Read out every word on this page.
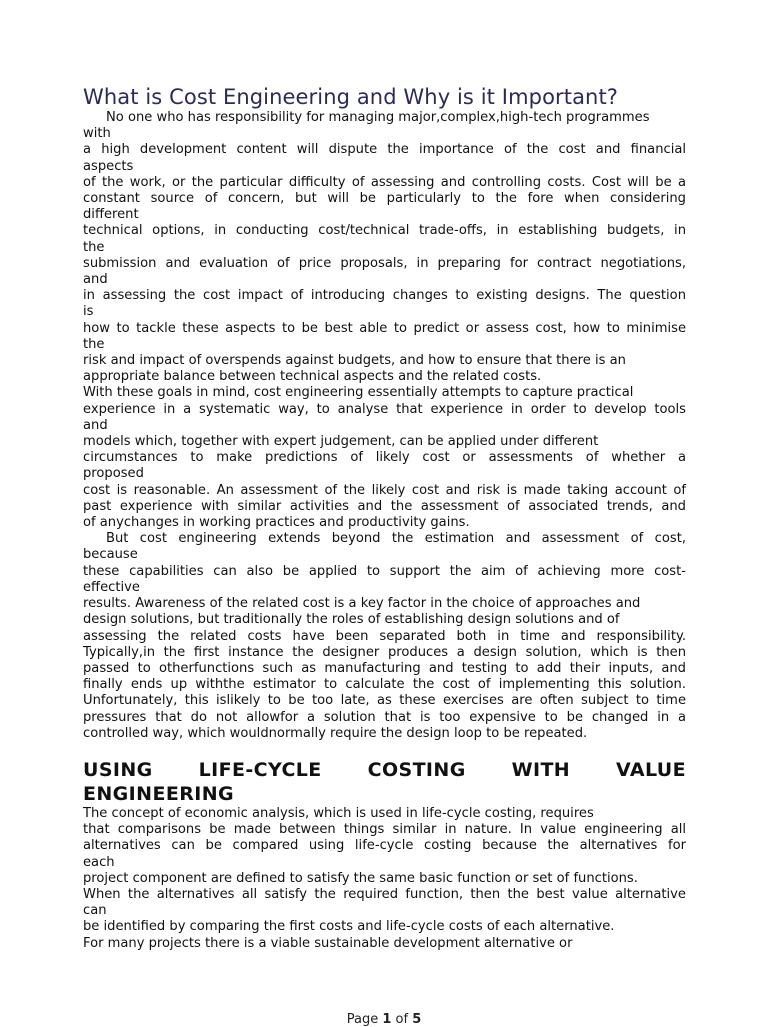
What is Cost Engineering and Why is it Important?
No one who has responsibility for managing major,complex,high-tech programmes
with
a high development content will dispute the importance of the cost and financial
aspects
of the work, or the particular difficulty of assessing and controlling costs. Cost will be a
constant source of concern, but will be particularly to the fore when considering
different
technical options, in conducting cost/technical trade-offs, in establishing budgets, in
the
submission and evaluation of price proposals, in preparing for contract negotiations,
and
in assessing the cost impact of introducing changes to existing designs. The question
is
how to tackle these aspects to be best able to predict or assess cost, how to minimise
the
risk and impact of overspends against budgets, and how to ensure that there is an
appropriate balance between technical aspects and the related costs.
With these goals in mind, cost engineering essentially attempts to capture practical
experience in a systematic way, to analyse that experience in order to develop tools
and
models which, together with expert judgement, can be applied under different
circumstances to make predictions of likely cost or assessments of whether a
proposed
cost is reasonable. An assessment of the likely cost and risk is made taking account of
past experience with similar activities and the assessment of associated trends, and
of anychanges in working practices and productivity gains.
But cost engineering extends beyond the estimation and assessment of cost,
because
these capabilities can also be applied to support the aim of achieving more cost-
effective
results. Awareness of the related cost is a key factor in the choice of approaches and
design solutions, but traditionally the roles of establishing design solutions and of
assessing the related costs have been separated both in time and responsibility.
Typically,in the first instance the designer produces a design solution, which is then
passed to otherfunctions such as manufacturing and testing to add their inputs, and
finally ends up withthe estimator to calculate the cost of implementing this solution.
Unfortunately, this islikely to be too late, as these exercises are often subject to time
pressures that do not allowfor a solution that is too expensive to be changed in a
controlled way, which wouldnormally require the design loop to be repeated.
USING LIFE-CYCLE COSTING WITH VALUE
ENGINEERING
The concept of economic analysis, which is used in life-cycle costing, requires
that comparisons be made between things similar in nature. In value engineering all
alternatives can be compared using life-cycle costing because the alternatives for
each
project component are defined to satisfy the same basic function or set of functions.
When the alternatives all satisfy the required function, then the best value alternative
can
be identified by comparing the first costs and life-cycle costs of each alternative.
For many projects there is a viable sustainable development alternative or
Page 1 of 5
